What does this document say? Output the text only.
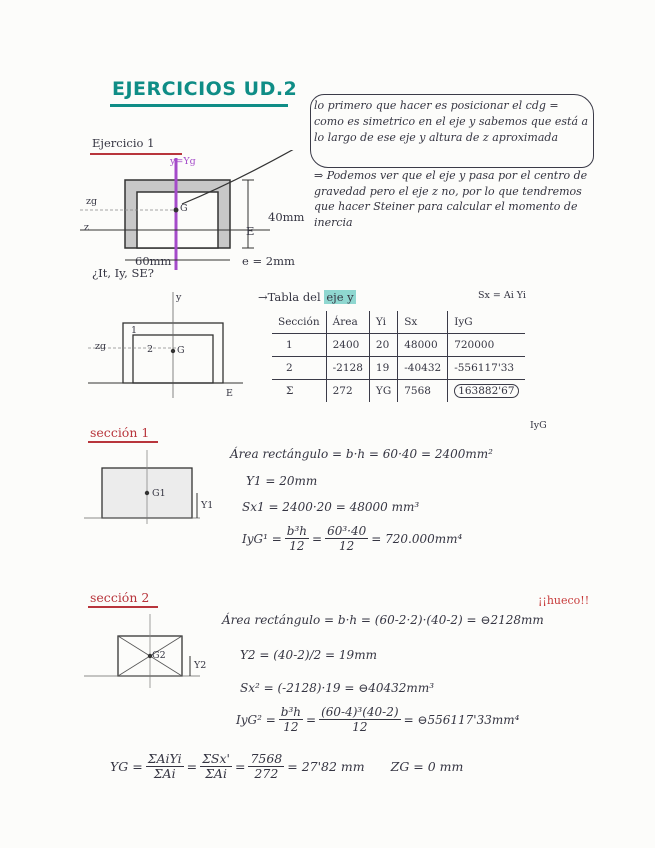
EJERCICIOS UD.2
Ejercicio 1
lo primero que hacer es posicionar el cdg = como es simetrico en el eje y sabemos que está a lo largo de ese eje y altura de z aproximada
⇒ Podemos ver que el eje y pasa por el centro de gravedad pero el eje z no, por lo que tendremos que hacer Steiner para calcular el momento de inercia
y=Yg
zg
z
G
40mm
60mm
E
e = 2mm
¿It, Iy, SE?
1
2	G
y
zg
E
→Tabla del eje y	Sx = Ai Yi
Sección	Área	Yi	Sx	IyG
1	2400	20	48000	720000
2	-2128	19	-40432	-556117'33
Σ	272	YG	7568	163882'67
IyG
sección 1
G1
Y1
Área rectángulo = b·h = 60·40 = 2400mm²
Y1 = 20mm
Sx1 = 2400·20 = 48000 mm³
$IyG^1 = \frac{\text{b³h}}{12} = \frac{\text{60³·40}}{12} = 720.000mm^4$
sección 2	¡¡hueco!!
G2
Y2
Área rectángulo = b·h = (60-2·2)·(40-2) = ⊖2128mm
Y2 = (40-2)/2 = 19mm
Sx² = (-2128)·19 = ⊖40432mm³
$IyG^2 = \frac{\text{b³h}}{12} = \frac{\text{(60-4)³(40-2)}}{12}$ = ⊖556117'33mm⁴
YG = $\frac{\text{ΣAiYi}}{\text{ΣAi}} = \frac{\text{ΣSx'}}{\text{ΣAi}} = \frac{7568}{272} = 27'82$ mm ZG = 0 mm
